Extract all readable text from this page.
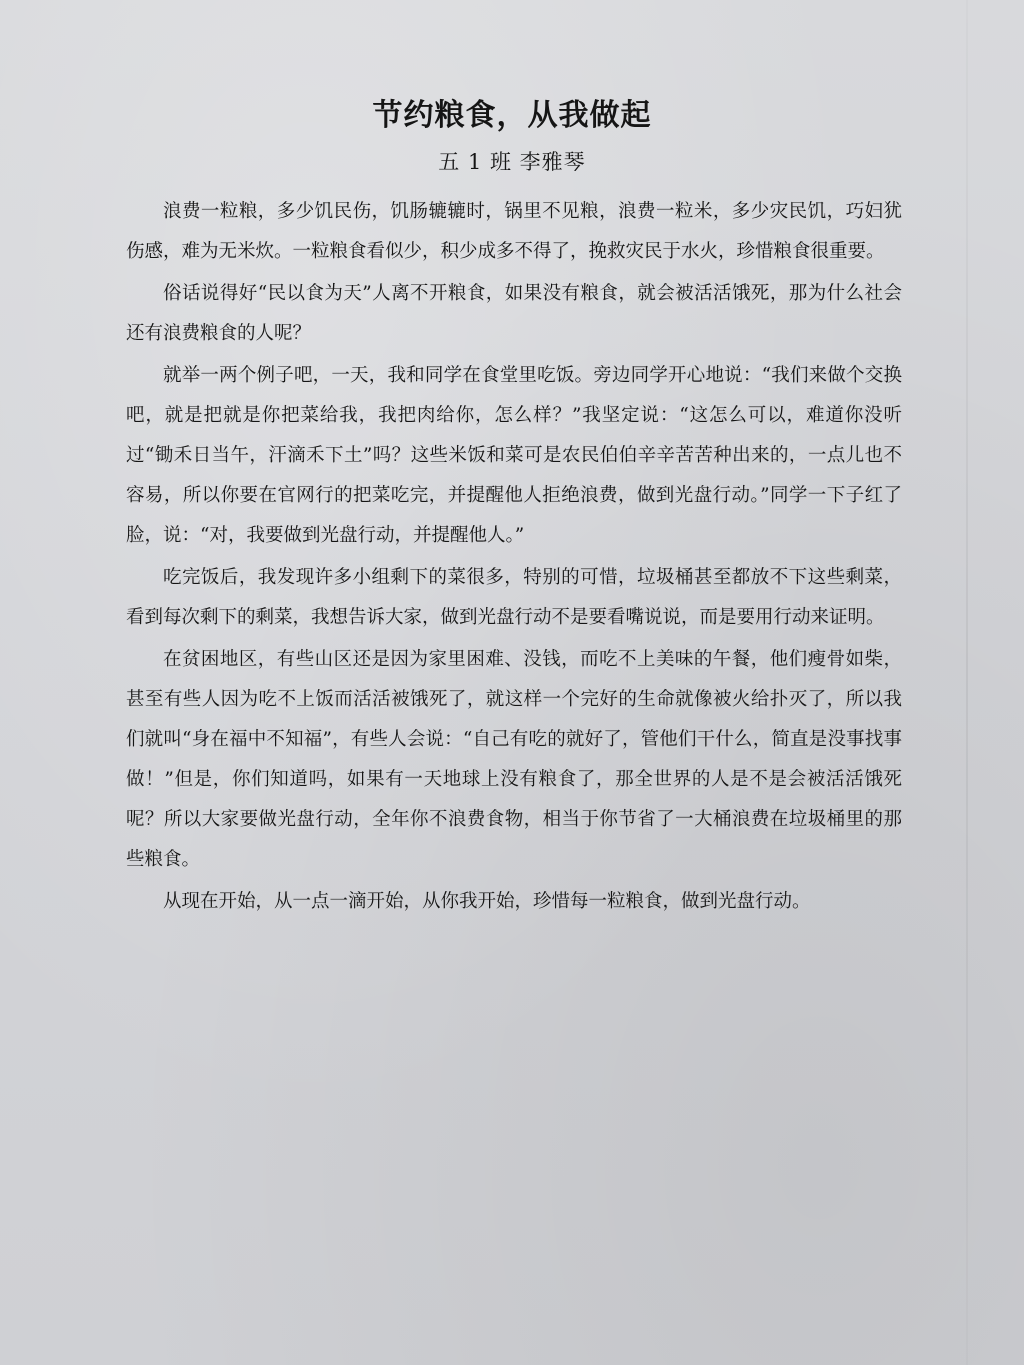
节约粮食，从我做起
五 1 班 李雅琴

浪费一粒粮，多少饥民伤，饥肠辘辘时，锅里不见粮，浪费一粒米，多少灾民饥，巧妇犹伤感，难为无米炊。一粒粮食看似少，积少成多不得了，挽救灾民于水火，珍惜粮食很重要。

俗话说得好“民以食为天”人离不开粮食，如果没有粮食，就会被活活饿死，那为什么社会还有浪费粮食的人呢？

就举一两个例子吧，一天，我和同学在食堂里吃饭。旁边同学开心地说：“我们来做个交换吧，就是把就是你把菜给我，我把肉给你，怎么样？”我坚定说：“这怎么可以，难道你没听过“锄禾日当午，汗滴禾下土”吗？这些米饭和菜可是农民伯伯辛辛苦苦种出来的，一点儿也不容易，所以你要在官网行的把菜吃完，并提醒他人拒绝浪费，做到光盘行动。”同学一下子红了脸，说：“对，我要做到光盘行动，并提醒他人。”

吃完饭后，我发现许多小组剩下的菜很多，特别的可惜，垃圾桶甚至都放不下这些剩菜，看到每次剩下的剩菜，我想告诉大家，做到光盘行动不是要看嘴说说，而是要用行动来证明。

在贫困地区，有些山区还是因为家里困难、没钱，而吃不上美味的午餐，他们瘦骨如柴，甚至有些人因为吃不上饭而活活被饿死了，就这样一个完好的生命就像被火给扑灭了，所以我们就叫“身在福中不知福”，有些人会说：“自己有吃的就好了，管他们干什么，简直是没事找事做！”但是，你们知道吗，如果有一天地球上没有粮食了，那全世界的人是不是会被活活饿死呢？所以大家要做光盘行动，全年你不浪费食物，相当于你节省了一大桶浪费在垃圾桶里的那些粮食。

从现在开始，从一点一滴开始，从你我开始，珍惜每一粒粮食，做到光盘行动。
